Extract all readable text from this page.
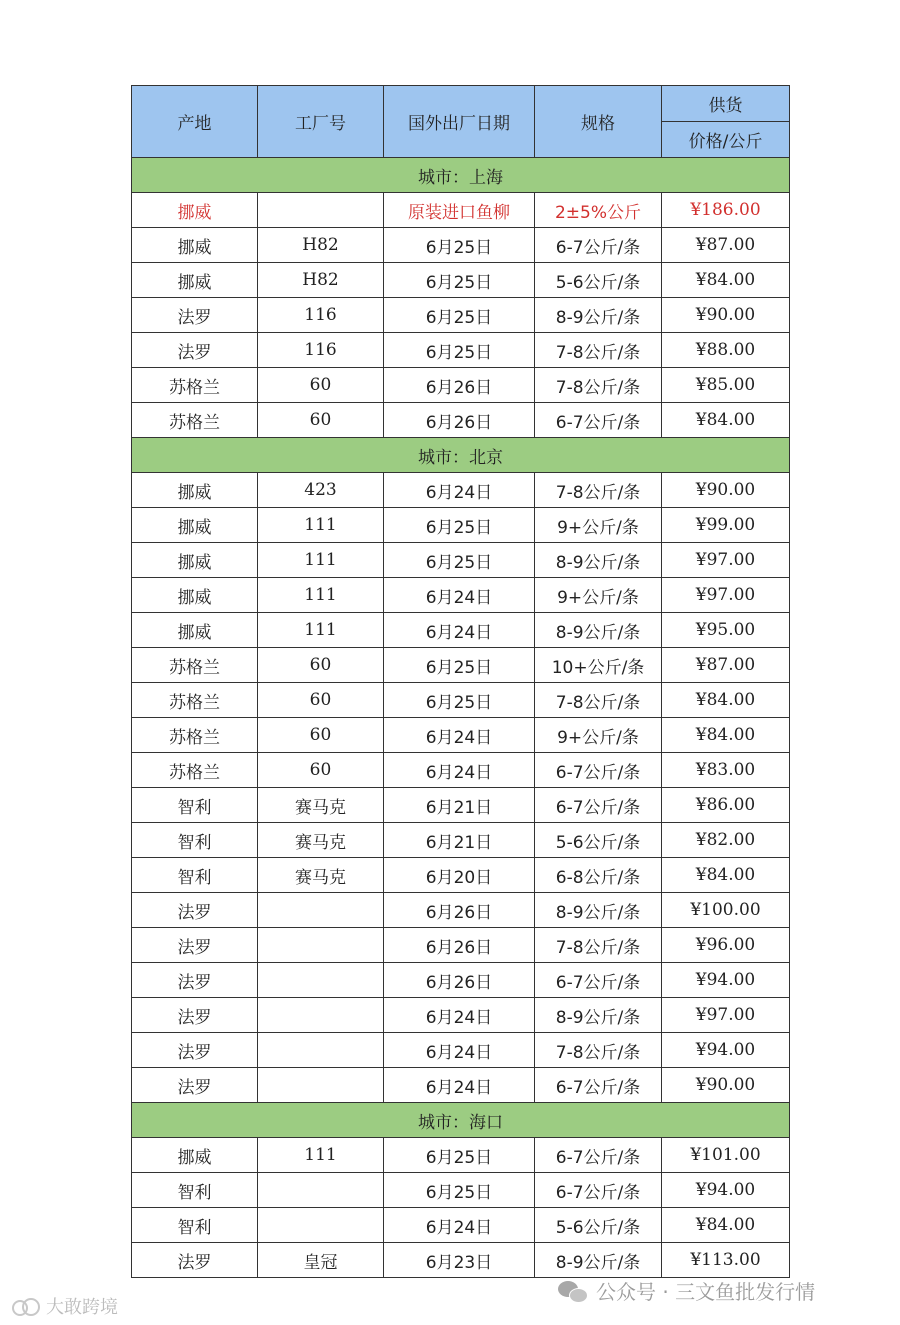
产地	工厂号	国外出厂日期	规格	供货
				价格/公斤
城市：上海				
挪威		原装进口鱼柳	2±5%公斤	¥186.00
挪威	H82	6月25日	6-7公斤/条	¥87.00
挪威	H82	6月25日	5-6公斤/条	¥84.00
法罗	116	6月25日	8-9公斤/条	¥90.00
法罗	116	6月25日	7-8公斤/条	¥88.00
苏格兰	60	6月26日	7-8公斤/条	¥85.00
苏格兰	60	6月26日	6-7公斤/条	¥84.00
城市：北京				
挪威	423	6月24日	7-8公斤/条	¥90.00
挪威	111	6月25日	9+公斤/条	¥99.00
挪威	111	6月25日	8-9公斤/条	¥97.00
挪威	111	6月24日	9+公斤/条	¥97.00
挪威	111	6月24日	8-9公斤/条	¥95.00
苏格兰	60	6月25日	10+公斤/条	¥87.00
苏格兰	60	6月25日	7-8公斤/条	¥84.00
苏格兰	60	6月24日	9+公斤/条	¥84.00
苏格兰	60	6月24日	6-7公斤/条	¥83.00
智利	赛马克	6月21日	6-7公斤/条	¥86.00
智利	赛马克	6月21日	5-6公斤/条	¥82.00
智利	赛马克	6月20日	6-8公斤/条	¥84.00
法罗		6月26日	8-9公斤/条	¥100.00
法罗		6月26日	7-8公斤/条	¥96.00
法罗		6月26日	6-7公斤/条	¥94.00
法罗		6月24日	8-9公斤/条	¥97.00
法罗		6月24日	7-8公斤/条	¥94.00
法罗		6月24日	6-7公斤/条	¥90.00
城市：海口				
挪威	111	6月25日	6-7公斤/条	¥101.00
智利		6月25日	6-7公斤/条	¥94.00
智利		6月24日	5-6公斤/条	¥84.00
法罗	皇冠	6月23日	8-9公斤/条	¥113.00
大敢跨境
公众号 · 三文鱼批发行情
